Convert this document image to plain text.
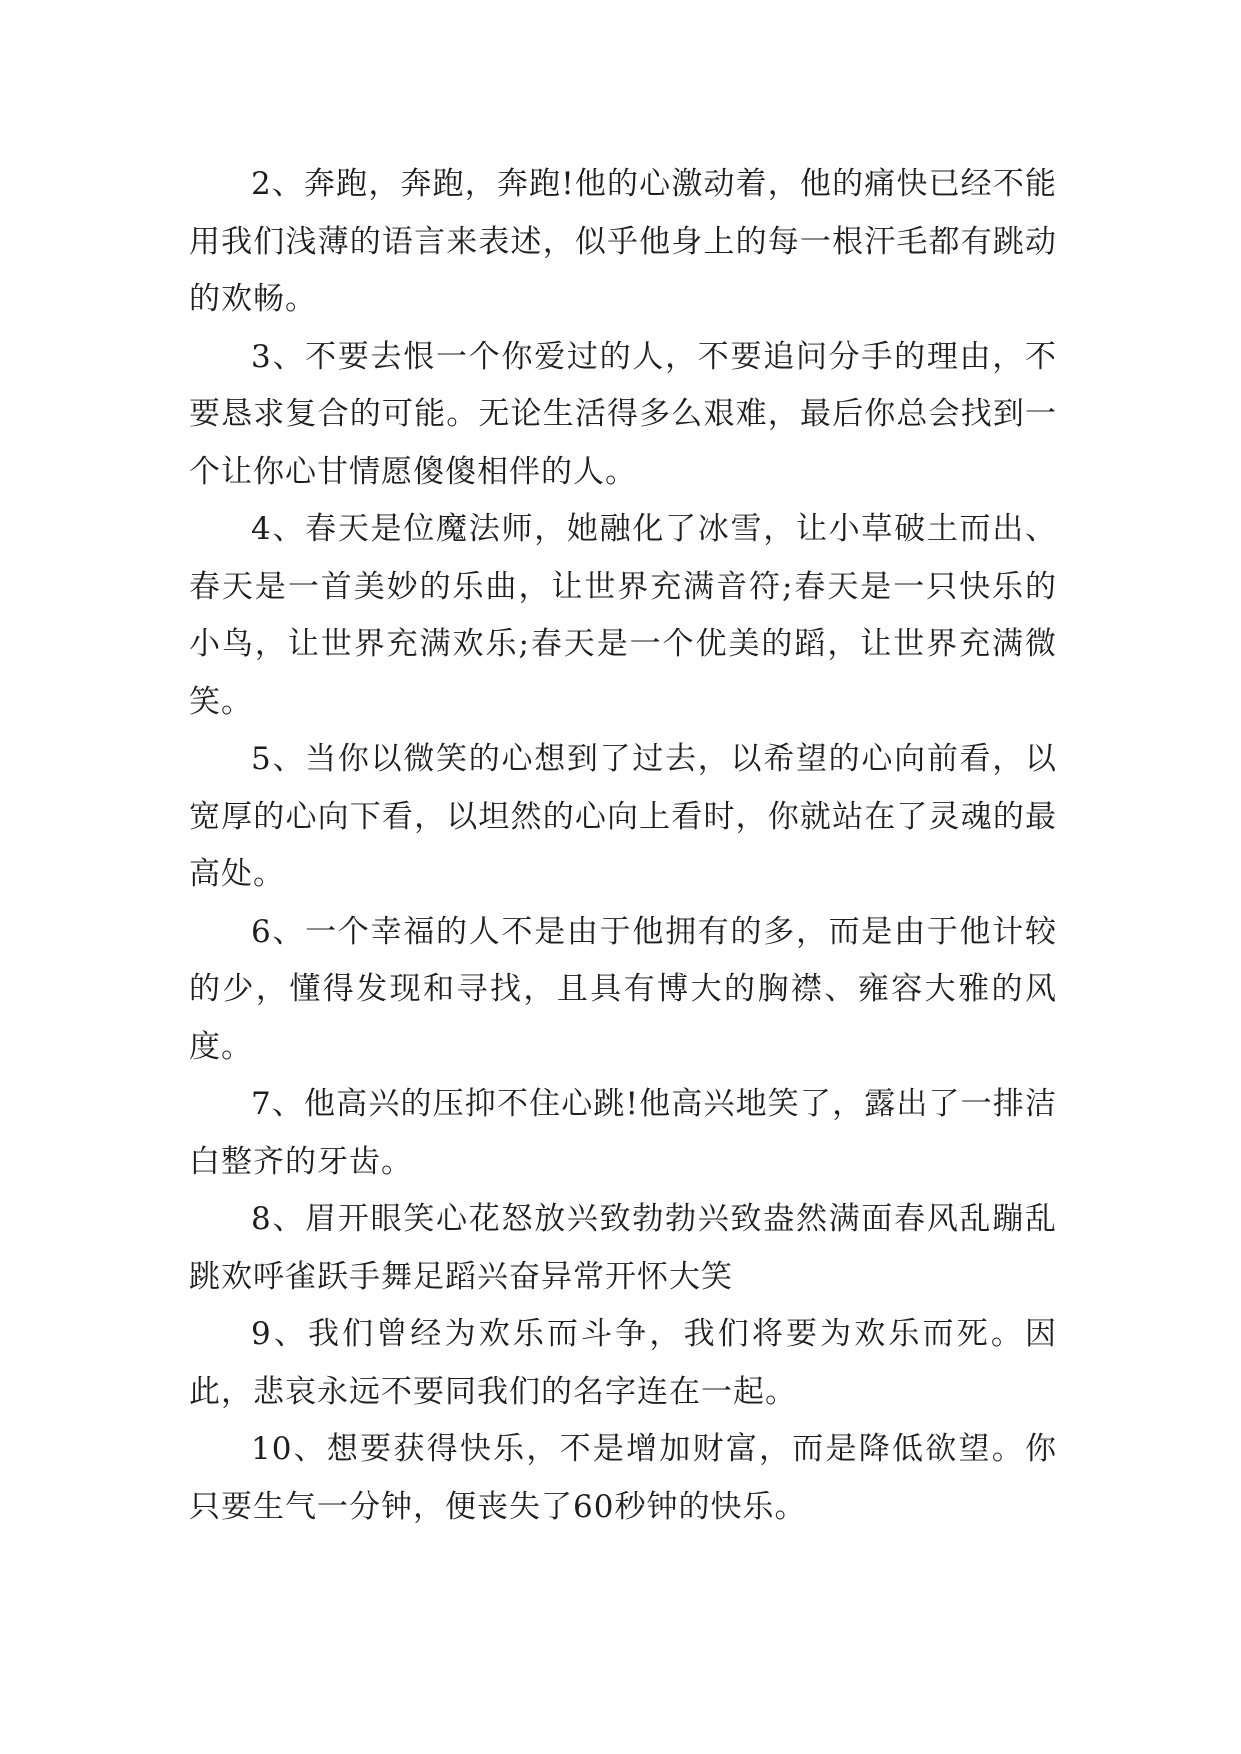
2、奔跑，奔跑，奔跑!他的心激动着，他的痛快已经不能用我们浅薄的语言来表述，似乎他身上的每一根汗毛都有跳动的欢畅。

3、不要去恨一个你爱过的人，不要追问分手的理由，不要恳求复合的可能。无论生活得多么艰难，最后你总会找到一个让你心甘情愿傻傻相伴的人。

4、春天是位魔法师，她融化了冰雪，让小草破土而出、春天是一首美妙的乐曲，让世界充满音符;春天是一只快乐的小鸟，让世界充满欢乐;春天是一个优美的蹈，让世界充满微笑。

5、当你以微笑的心想到了过去，以希望的心向前看，以宽厚的心向下看，以坦然的心向上看时，你就站在了灵魂的最高处。

6、一个幸福的人不是由于他拥有的多，而是由于他计较的少，懂得发现和寻找，且具有博大的胸襟、雍容大雅的风度。

7、他高兴的压抑不住心跳!他高兴地笑了，露出了一排洁白整齐的牙齿。

8、眉开眼笑心花怒放兴致勃勃兴致盎然满面春风乱蹦乱跳欢呼雀跃手舞足蹈兴奋异常开怀大笑

9、我们曾经为欢乐而斗争，我们将要为欢乐而死。因此，悲哀永远不要同我们的名字连在一起。

10、想要获得快乐，不是增加财富，而是降低欲望。你只要生气一分钟，便丧失了60秒钟的快乐。
